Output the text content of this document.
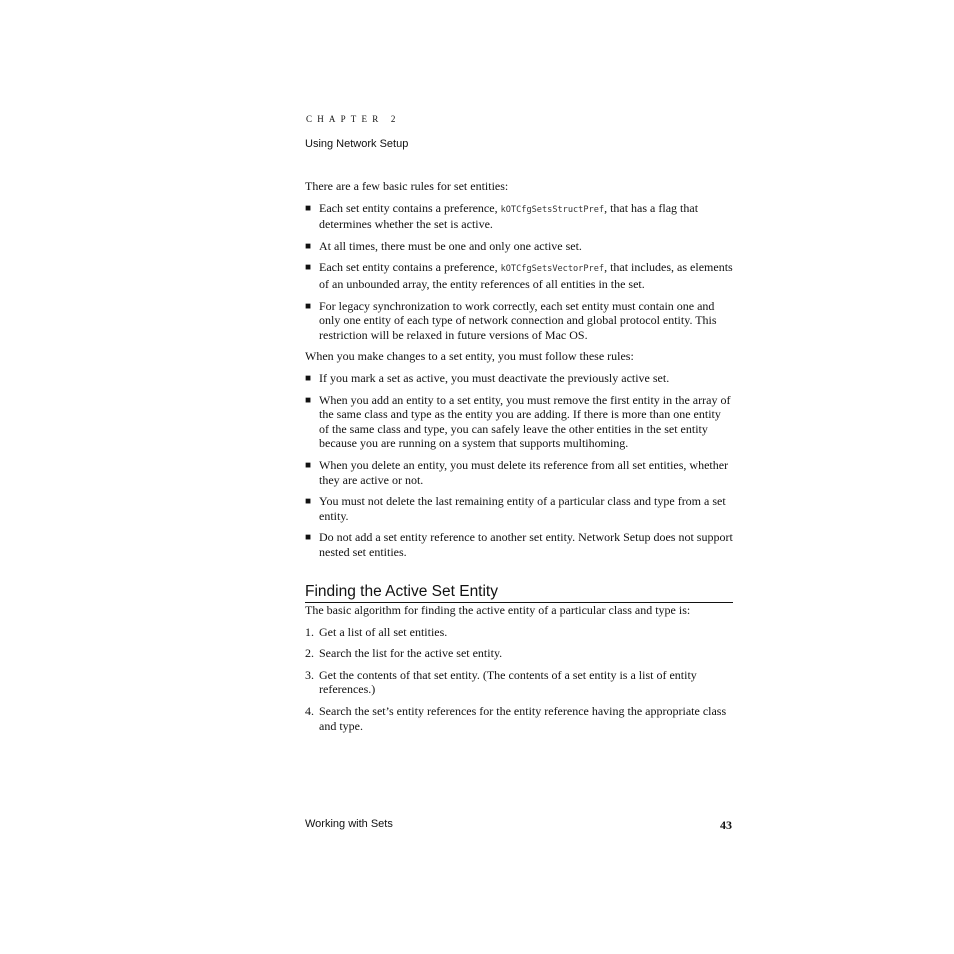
CHAPTER 2
Using Network Setup

There are a few basic rules for set entities:

■ Each set entity contains a preference, kOTCfgSetsStructPref, that has a flag that determines whether the set is active.
■ At all times, there must be one and only one active set.
■ Each set entity contains a preference, kOTCfgSetsVectorPref, that includes, as elements of an unbounded array, the entity references of all entities in the set.
■ For legacy synchronization to work correctly, each set entity must contain one and only one entity of each type of network connection and global protocol entity. This restriction will be relaxed in future versions of Mac OS.

When you make changes to a set entity, you must follow these rules:

■ If you mark a set as active, you must deactivate the previously active set.
■ When you add an entity to a set entity, you must remove the first entity in the array of the same class and type as the entity you are adding. If there is more than one entity of the same class and type, you can safely leave the other entities in the set entity because you are running on a system that supports multihoming.
■ When you delete an entity, you must delete its reference from all set entities, whether they are active or not.
■ You must not delete the last remaining entity of a particular class and type from a set entity.
■ Do not add a set entity reference to another set entity. Network Setup does not support nested set entities.
Finding the Active Set Entity

The basic algorithm for finding the active entity of a particular class and type is:

1. Get a list of all set entities.
2. Search the list for the active set entity.
3. Get the contents of that set entity. (The contents of a set entity is a list of entity references.)
4. Search the set’s entity references for the entity reference having the appropriate class and type.
Working with Sets	43
